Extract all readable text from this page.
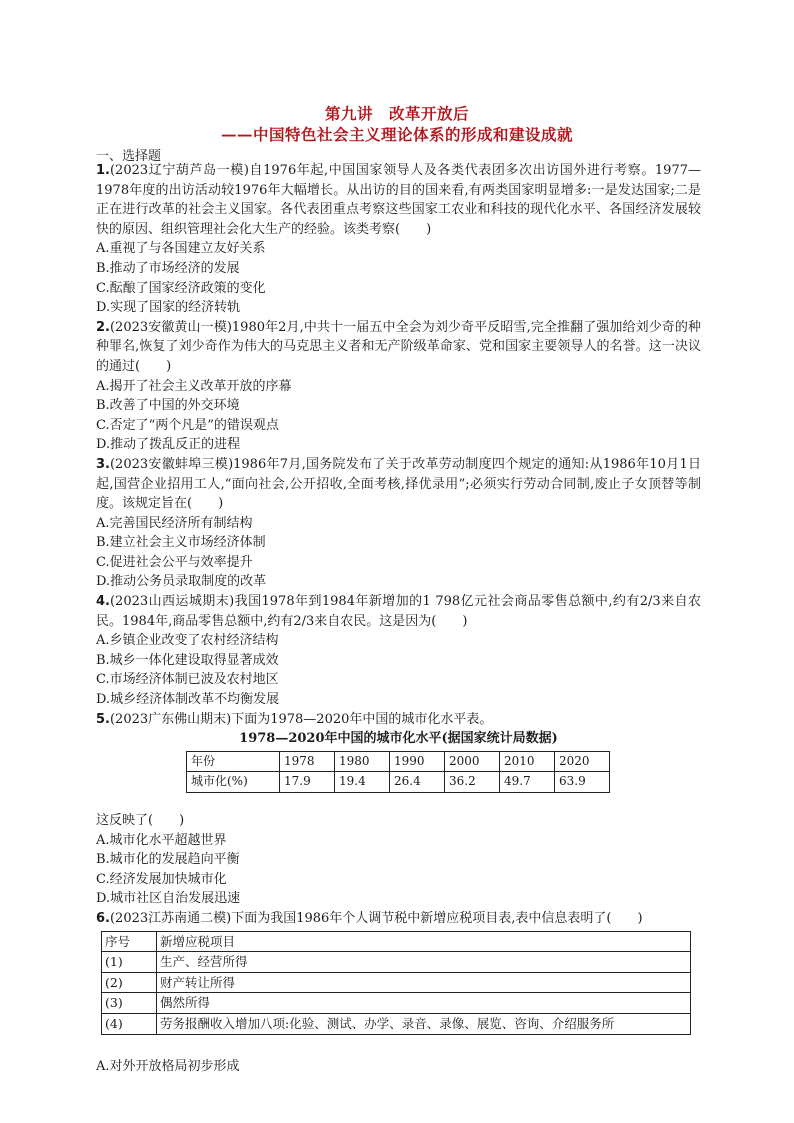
第九讲　改革开放后
——中国特色社会主义理论体系的形成和建设成就
一、选择题
1.(2023辽宁葫芦岛一模)自1976年起,中国国家领导人及各类代表团多次出访国外进行考察。1977—1978年度的出访活动较1976年大幅增长。从出访的目的国来看,有两类国家明显增多:一是发达国家;二是正在进行改革的社会主义国家。各代表团重点考察这些国家工农业和科技的现代化水平、各国经济发展较快的原因、组织管理社会化大生产的经验。该类考察(　　)
A.重视了与各国建立友好关系
B.推动了市场经济的发展
C.酝酿了国家经济政策的变化
D.实现了国家的经济转轨
2.(2023安徽黄山一模)1980年2月,中共十一届五中全会为刘少奇平反昭雪,完全推翻了强加给刘少奇的种种罪名,恢复了刘少奇作为伟大的马克思主义者和无产阶级革命家、党和国家主要领导人的名誉。这一决议的通过(　　)
A.揭开了社会主义改革开放的序幕
B.改善了中国的外交环境
C.否定了“两个凡是”的错误观点
D.推动了拨乱反正的进程
3.(2023安徽蚌埠三模)1986年7月,国务院发布了关于改革劳动制度四个规定的通知:从1986年10月1日起,国营企业招用工人,“面向社会,公开招收,全面考核,择优录用”;必须实行劳动合同制,废止子女顶替等制度。该规定旨在(　　)
A.完善国民经济所有制结构
B.建立社会主义市场经济体制
C.促进社会公平与效率提升
D.推动公务员录取制度的改革
4.(2023山西运城期末)我国1978年到1984年新增加的1 798亿元社会商品零售总额中,约有2/3来自农民。1984年,商品零售总额中,约有2/3来自农民。这是因为(　　)
A.乡镇企业改变了农村经济结构
B.城乡一体化建设取得显著成效
C.市场经济体制已波及农村地区
D.城乡经济体制改革不均衡发展
5.(2023广东佛山期末)下面为1978—2020年中国的城市化水平表。
1978—2020年中国的城市化水平(据国家统计局数据)
年份	1978	1980	1990	2000	2010	2020
城市化(%)	17.9	19.4	26.4	36.2	49.7	63.9
这反映了(　　)
A.城市化水平超越世界
B.城市化的发展趋向平衡
C.经济发展加快城市化
D.城市社区自治发展迅速
6.(2023江苏南通二模)下面为我国1986年个人调节税中新增应税项目表,表中信息表明了(　　)
序号	新增应税项目
(1)	生产、经营所得
(2)	财产转让所得
(3)	偶然所得
(4)	劳务报酬收入增加八项:化验、测试、办学、录音、录像、展览、咨询、介绍服务所
A.对外开放格局初步形成
